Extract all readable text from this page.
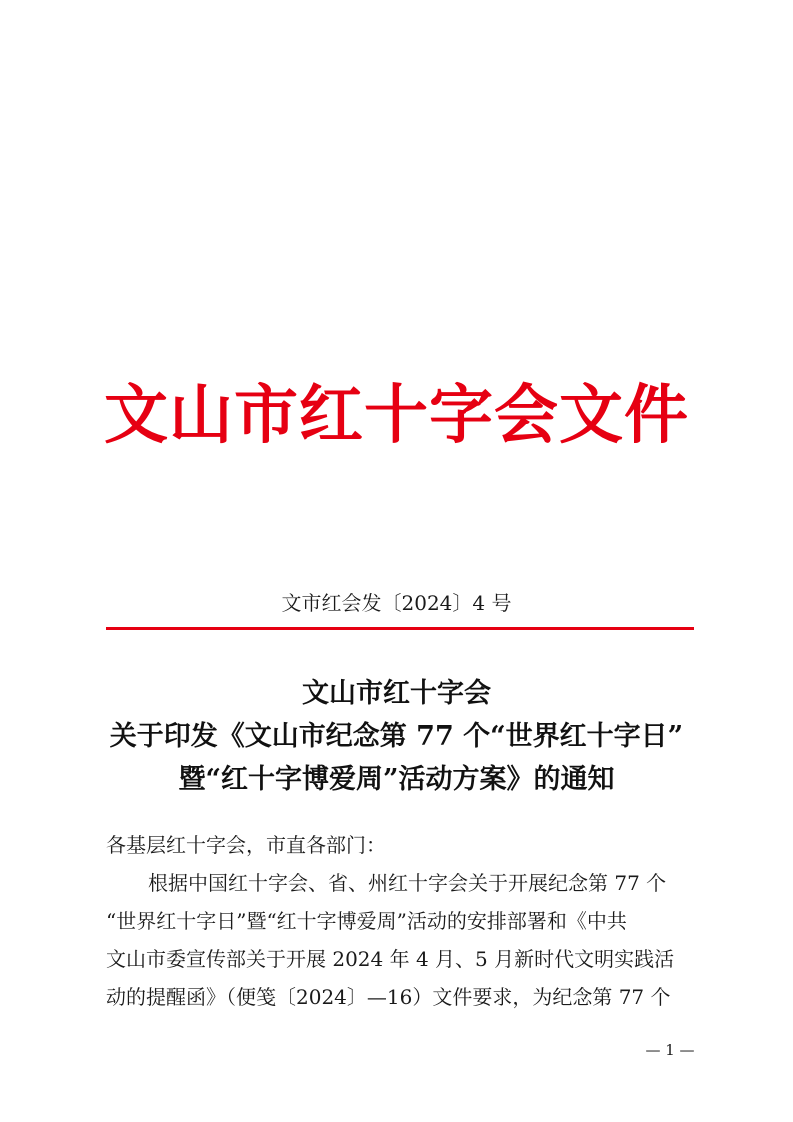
文山市红十字会文件
文市红会发〔2024〕4 号
文山市红十字会
关于印发《文山市纪念第 77 个“世界红十字日”
暨“红十字博爱周”活动方案》的通知
各基层红十字会，市直各部门：
根据中国红十字会、省、州红十字会关于开展纪念第 77 个
“世界红十字日”暨“红十字博爱周”活动的安排部署和《中共
文山市委宣传部关于开展 2024 年 4 月、5 月新时代文明实践活
动的提醒函》（便笺〔2024〕—16）文件要求，为纪念第 77 个
— 1 —
